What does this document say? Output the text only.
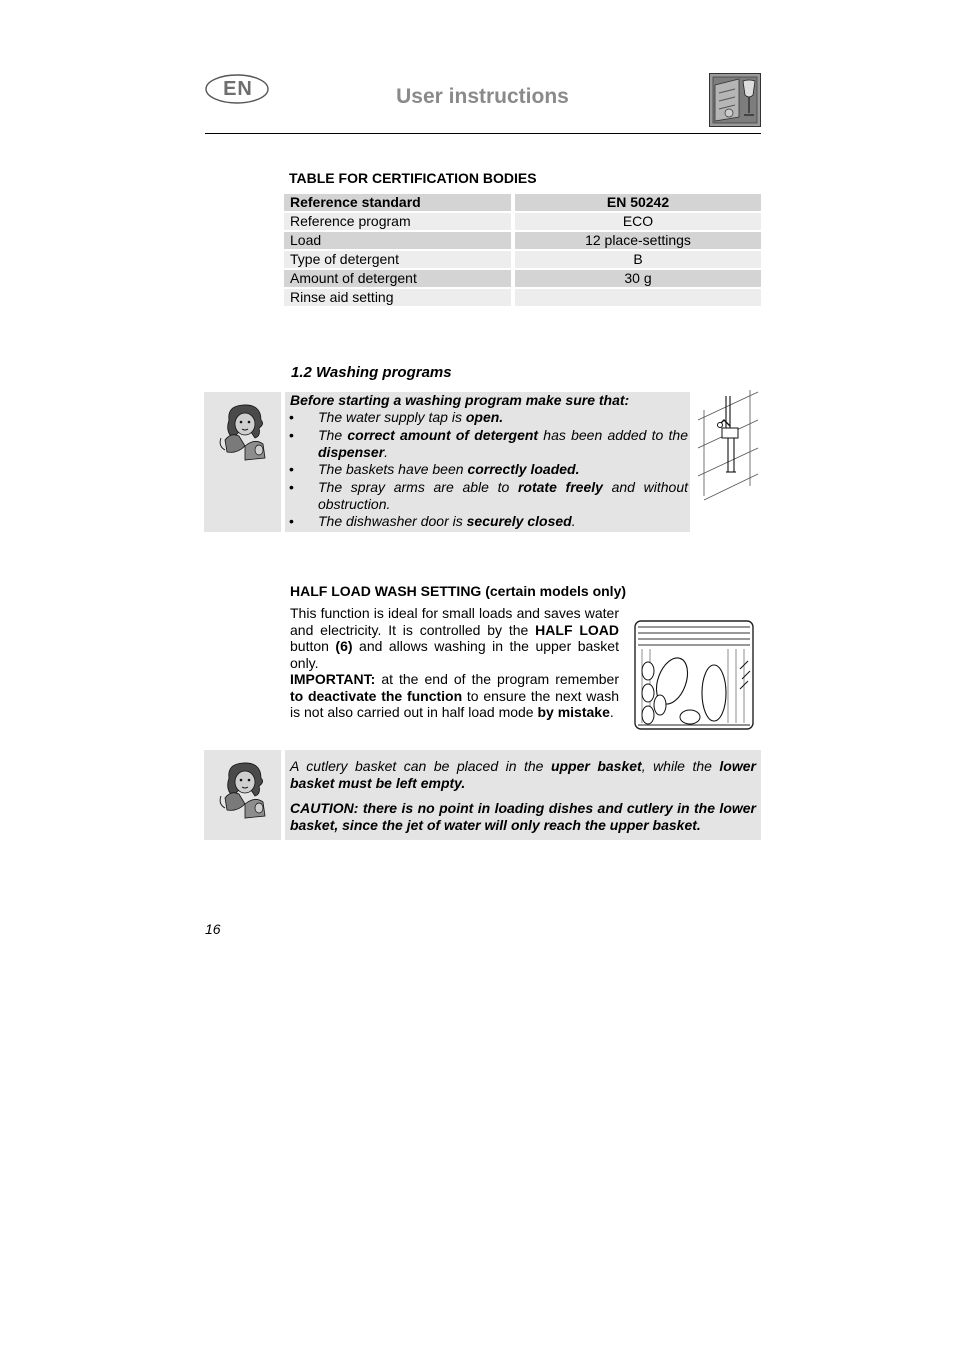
EN	User instructions
TABLE FOR CERTIFICATION BODIES
Reference standard		EN 50242
Reference program		ECO
Load		12 place-settings
Type of detergent		B
Amount of detergent		30 g
Rinse aid setting		
1.2 Washing programs
Before starting a washing program make sure that:
• The water supply tap is open.
• The correct amount of detergent has been added to the dispenser.
• The baskets have been correctly loaded.
• The spray arms are able to rotate freely and without obstruction.
• The dishwasher door is securely closed.
HALF LOAD WASH SETTING (certain models only)
This function is ideal for small loads and saves water and electricity. It is controlled by the HALF LOAD button (6) and allows washing in the upper basket only.
IMPORTANT: at the end of the program remember to deactivate the function to ensure the next wash is not also carried out in half load mode by mistake.

A cutlery basket can be placed in the upper basket, while the lower basket must be left empty.

CAUTION: there is no point in loading dishes and cutlery in the lower basket, since the jet of water will only reach the upper basket.

16
